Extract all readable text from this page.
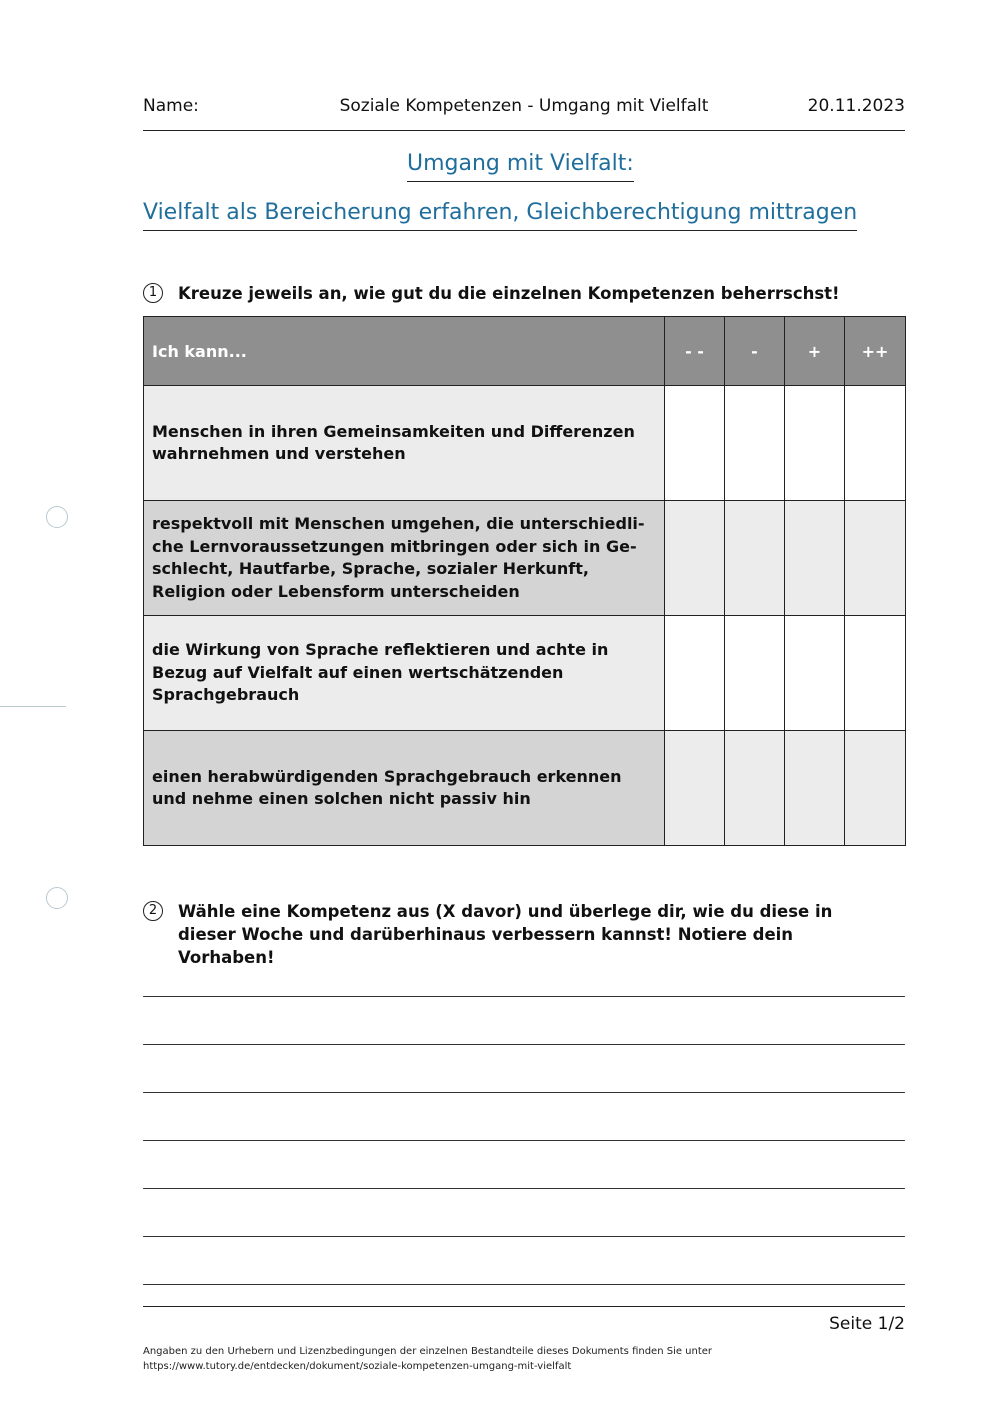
Name:	Soziale Kompetenzen - Umgang mit Vielfalt	20.11.2023
Umgang mit Vielfalt:
Vielfalt als Bereicherung erfahren, Gleichberechtigung mittragen
1	Kreuze jeweils an, wie gut du die einzelnen Kompetenzen beherrschst!
Ich kann...	- -	-	+	++
Menschen in ihren Gemeinsamkeiten und Differenzen wahrnehmen und verstehen				
respektvoll mit Menschen umgehen, die unterschiedliche Lernvoraussetzungen mitbringen oder sich in Geschlecht, Hautfarbe, Sprache, sozialer Herkunft, Religion oder Lebensform unterscheiden				
die Wirkung von Sprache reflektieren und achte in Bezug auf Vielfalt auf einen wertschätzenden Sprachgebrauch				
einen herabwürdigenden Sprachgebrauch erkennen und nehme einen solchen nicht passiv hin				
2	Wähle eine Kompetenz aus (X davor) und überlege dir, wie du diese in dieser Woche und darüberhinaus verbessern kannst! Notiere dein Vorhaben!
Seite 1/2
Angaben zu den Urhebern und Lizenzbedingungen der einzelnen Bestandteile dieses Dokuments finden Sie unter
https://www.tutory.de/entdecken/dokument/soziale-kompetenzen-umgang-mit-vielfalt
